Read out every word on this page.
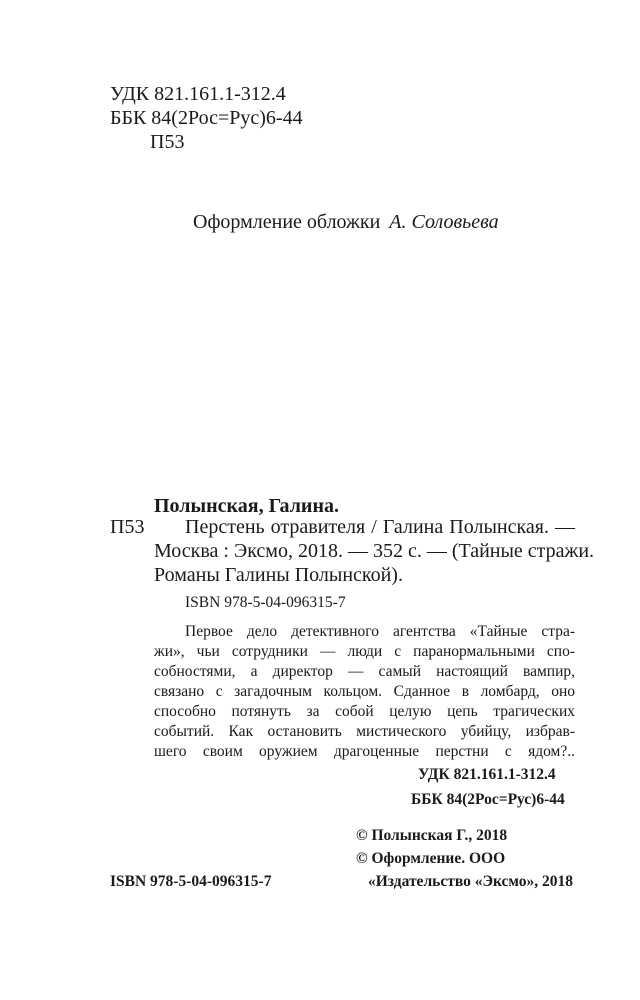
УДК 821.161.1-312.4
ББК 84(2Рос=Рус)6-44
П53
Оформление обложки А. Соловьева
Полынская, Галина.
П53 Перстень отравителя / Галина Полынская. —
Москва : Эксмо, 2018. — 352 с. — (Тайные стражи.
Романы Галины Полынской).
ISBN 978-5-04-096315-7
Первое дело детективного агентства «Тайные стра-
жи», чьи сотрудники — люди с паранормальными спо-
собностями, а директор — самый настоящий вампир,
связано с загадочным кольцом. Сданное в ломбард, оно
способно потянуть за собой целую цепь трагических
событий. Как остановить мистического убийцу, избрав-
шего своим оружием драгоценные перстни с ядом?..
УДК 821.161.1-312.4
ББК 84(2Рос=Рус)6-44
ISBN 978-5-04-096315-7
© Полынская Г., 2018
© Оформление. ООО
«Издательство «Эксмо», 2018
